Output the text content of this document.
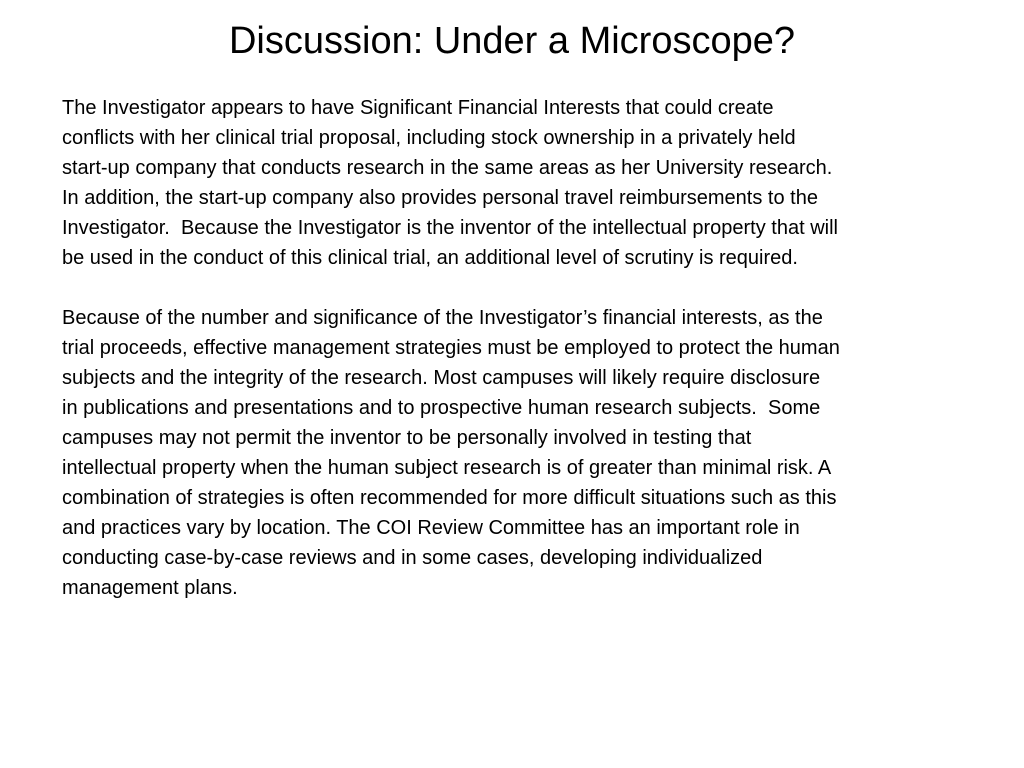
Discussion: Under a Microscope?
The Investigator appears to have Significant Financial Interests that could create
conflicts with her clinical trial proposal, including stock ownership in a privately held
start-up company that conducts research in the same areas as her University research.
In addition, the start-up company also provides personal travel reimbursements to the
Investigator.  Because the Investigator is the inventor of the intellectual property that will
be used in the conduct of this clinical trial, an additional level of scrutiny is required.
Because of the number and significance of the Investigator’s financial interests, as the
trial proceeds, effective management strategies must be employed to protect the human
subjects and the integrity of the research. Most campuses will likely require disclosure
in publications and presentations and to prospective human research subjects.  Some
campuses may not permit the inventor to be personally involved in testing that
intellectual property when the human subject research is of greater than minimal risk. A
combination of strategies is often recommended for more difficult situations such as this
and practices vary by location. The COI Review Committee has an important role in
conducting case-by-case reviews and in some cases, developing individualized
management plans.
